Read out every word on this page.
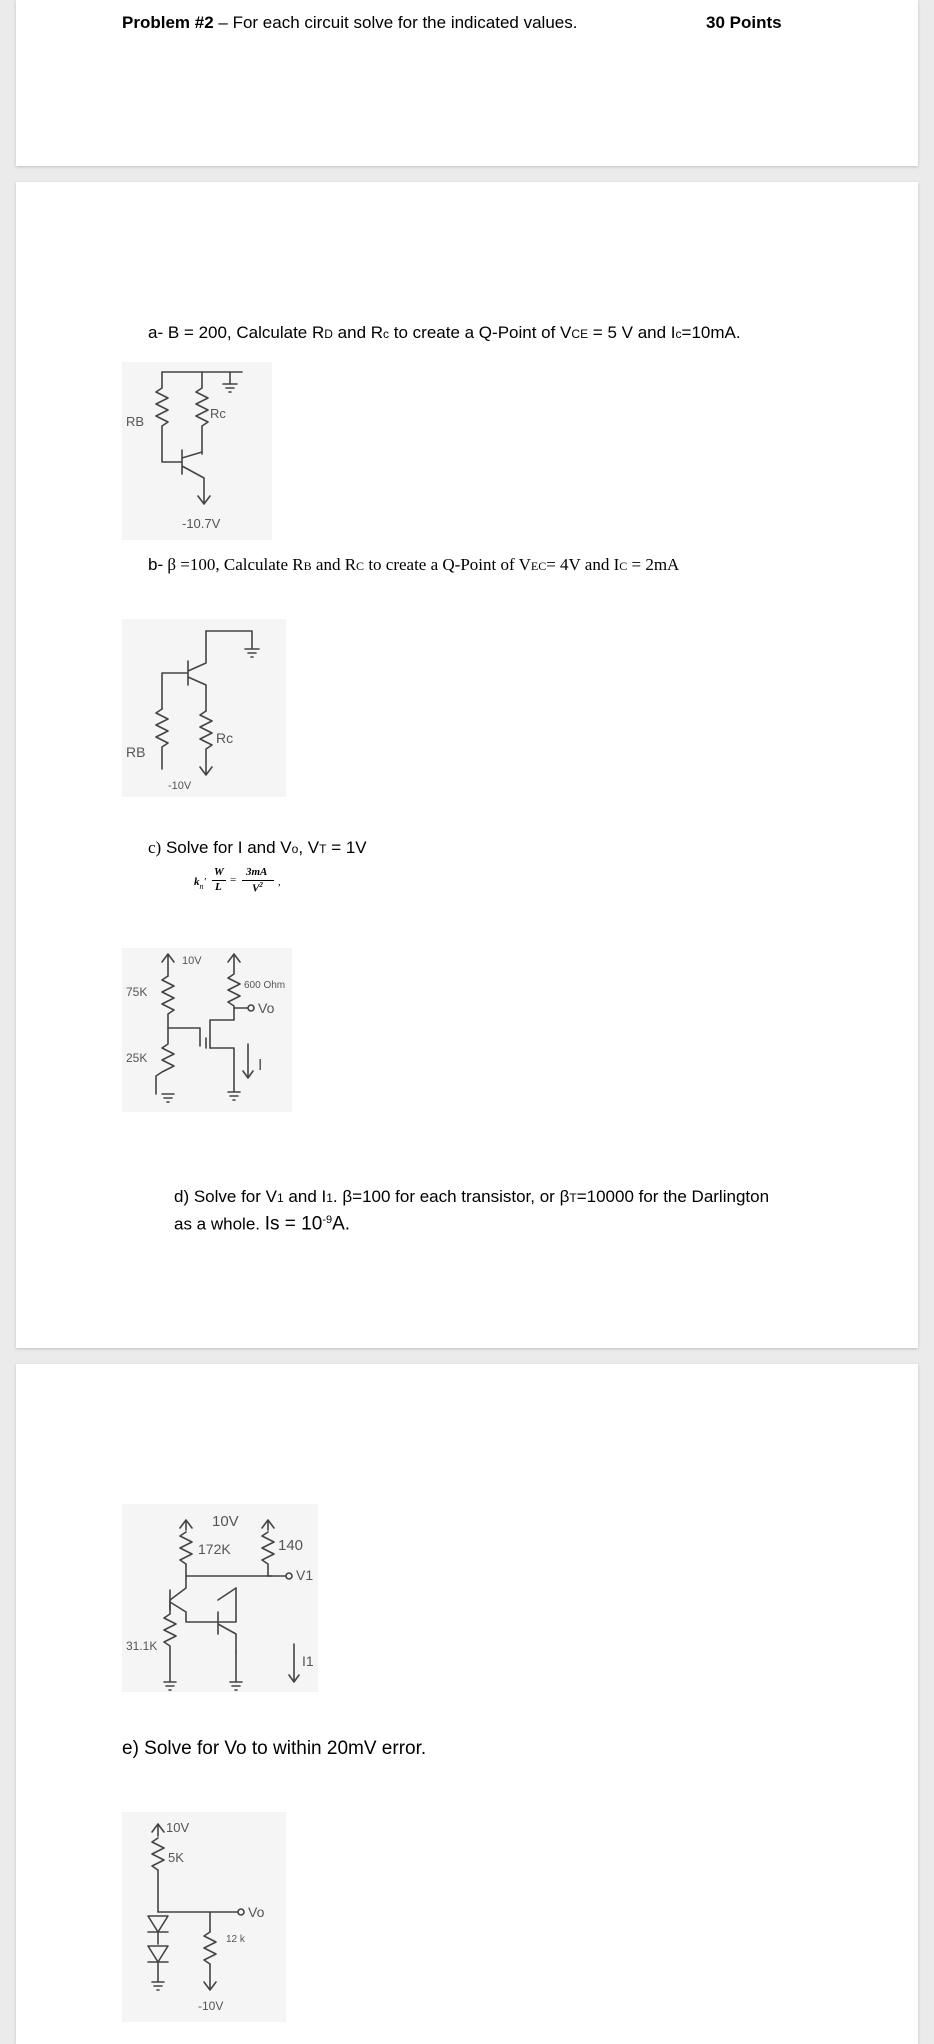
Problem #2 – For each circuit solve for the indicated values.	30 Points
a- B = 200, Calculate RD and Rc to create a Q-Point of VCE = 5 V and Ic=10mA.
RB
Rc
-10.7V
b- β =100, Calculate RB and RC to create a Q-Point of VEC= 4V and IC = 2mA
RB
Rc
-10V
c) Solve for I and Vo, VT = 1V
$k_n'$
W
L
=
3mA
$V^2$ ,
10V
75K
25K
600 Ohm
Vo
I
d) Solve for V1 and I1. β=100 for each transistor, or βT=10000 for the Darlington
as a whole. $Is = 10^{-9}A$.
10V
172K	140
31.1K
V1
I1
e) Solve for Vo to within 20mV error.
10V
5K
Vo
12 k
-10V
